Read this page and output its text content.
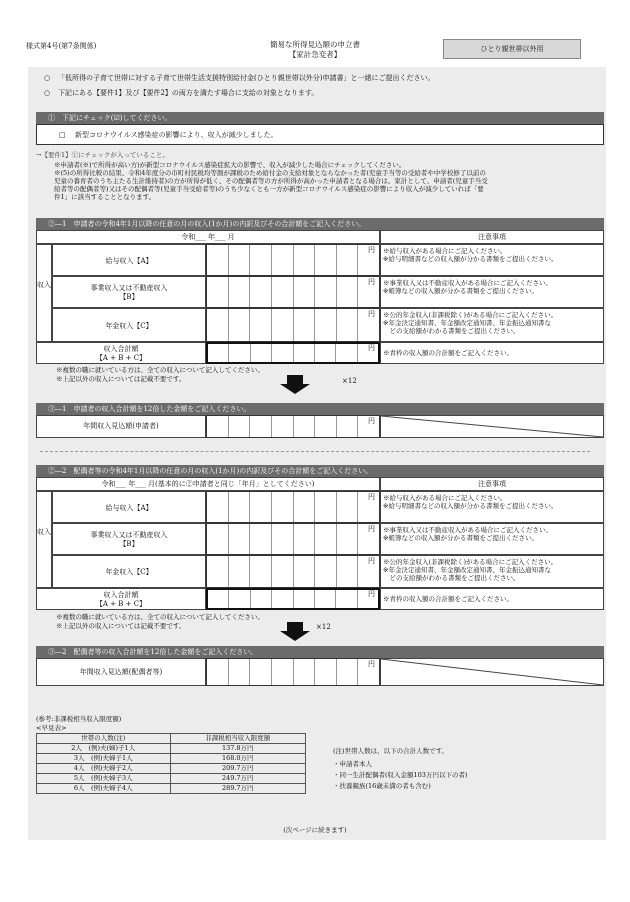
様式第4号(第7条関係)	簡易な所得見込額の申立書
【家計急変者】
ひとり親世帯以外用
○ 「低所得の子育て世帯に対する子育て世帯生活支援特別給付金(ひとり親世帯以外分)申請書」と一緒にご提出ください。
○ 下記にある【要件1】及び【要件2】の両方を満たす場合に支給の対象となります。
①　下記にチェック(☑)してください。
□ 新型コロナウイルス感染症の影響により、収入が減少しました。
→【要件1】①にチェックが入っていること。
※申請者(※)で所得が高い方)が新型コロナウイルス感染症拡大の影響で、収入が減少した場合にチェックしてください。
※(5)の所得比較の結果、令和4年度分の市町村民税均等割が課税のため給付金の支給対象とならなかった者(児童手当等の受給者や中学校修了以前の
児童の養育者のうち主たる生計維持者)の方が所得が低く、その配偶者等の方が所得が高かった申請者となる場合は、家計として、申請者(児童手当受
給者等の配偶者等)又はその配偶者等(児童手当受給者等)のうち少なくとも一方が新型コロナウイルス感染症の影響により収入が減少していれば「要
件1」に該当することとなります。
②―1　申請者の令和4年1月以降の任意の月の収入(1か月)の内訳及びその合計額をご記入ください。
令和___ 年___ 月	注意事項
収入
給与収入【A】
円	※給与収入がある場合にご記入ください。
※給与明細書などの収入額が分かる書類をご提出ください。
事業収入又は不動産収入
【B】
円	※事業収入又は不動産収入がある場合にご記入ください。
※帳簿などの収入額が分かる書類をご提出ください。
年金収入【C】
円	※公的年金収入(非課税除く)がある場合にご記入ください。
※年金決定通知書、年金額改定通知書、年金振込通知書な
　どの支給額がわかる書類をご提出ください。
収入合計額
【A + B + C】
円
※青枠の収入額の合計額をご記入ください。
※複数の職に就いている方は、全ての収入について記入してください。
※上記以外の収入については記載不要です。	×12
③―1　申請者の収入合計額を12倍した金額をご記入ください。
年間収入見込額(申請者)
円
②―2　配偶者等の令和4年1月以降の任意の月の収入(1か月)の内訳及びその合計額をご記入ください。
令和___ 年___ 月(基本的に②申請者と同じ「年月」としてください)	注意事項
収入
給与収入【A】
円	※給与収入がある場合にご記入ください。
※給与明細書などの収入額が分かる書類をご提出ください。
事業収入又は不動産収入
【B】
円	※事業収入又は不動産収入がある場合にご記入ください。
※帳簿などの収入額が分かる書類をご提出ください。
年金収入【C】
円	※公的年金収入(非課税除く)がある場合にご記入ください。
※年金決定通知書、年金額改定通知書、年金振込通知書な
　どの支給額がわかる書類をご提出ください。
収入合計額
【A + B + C】
円
※青枠の収入額の合計額をご記入ください。
※複数の職に就いている方は、全ての収入について記入してください。
※上記以外の収入については記載不要です。	×12
③―2　配偶者等の収入合計額を12倍した金額をご記入ください。
年間収入見込額(配偶者等)
円
(参考:非課税相当収入限度額)
<早見表>
世帯の人数(注)	非課税相当収入限度額
2人　(例)夫(婦)子1人	137.8万円
3人　(例)夫婦子1人	168.0万円
4人　(例)夫婦子2人	209.7万円
5人　(例)夫婦子3人	249.7万円
6人　(例)夫婦子4人	289.7万円
(注)世帯人数は、以下の合計人数です。
・申請者本人
・同一生計配偶者(収入金額103万円以下の者)
・扶養親族(16歳未満の者も含む)
(次ページに続きます)
